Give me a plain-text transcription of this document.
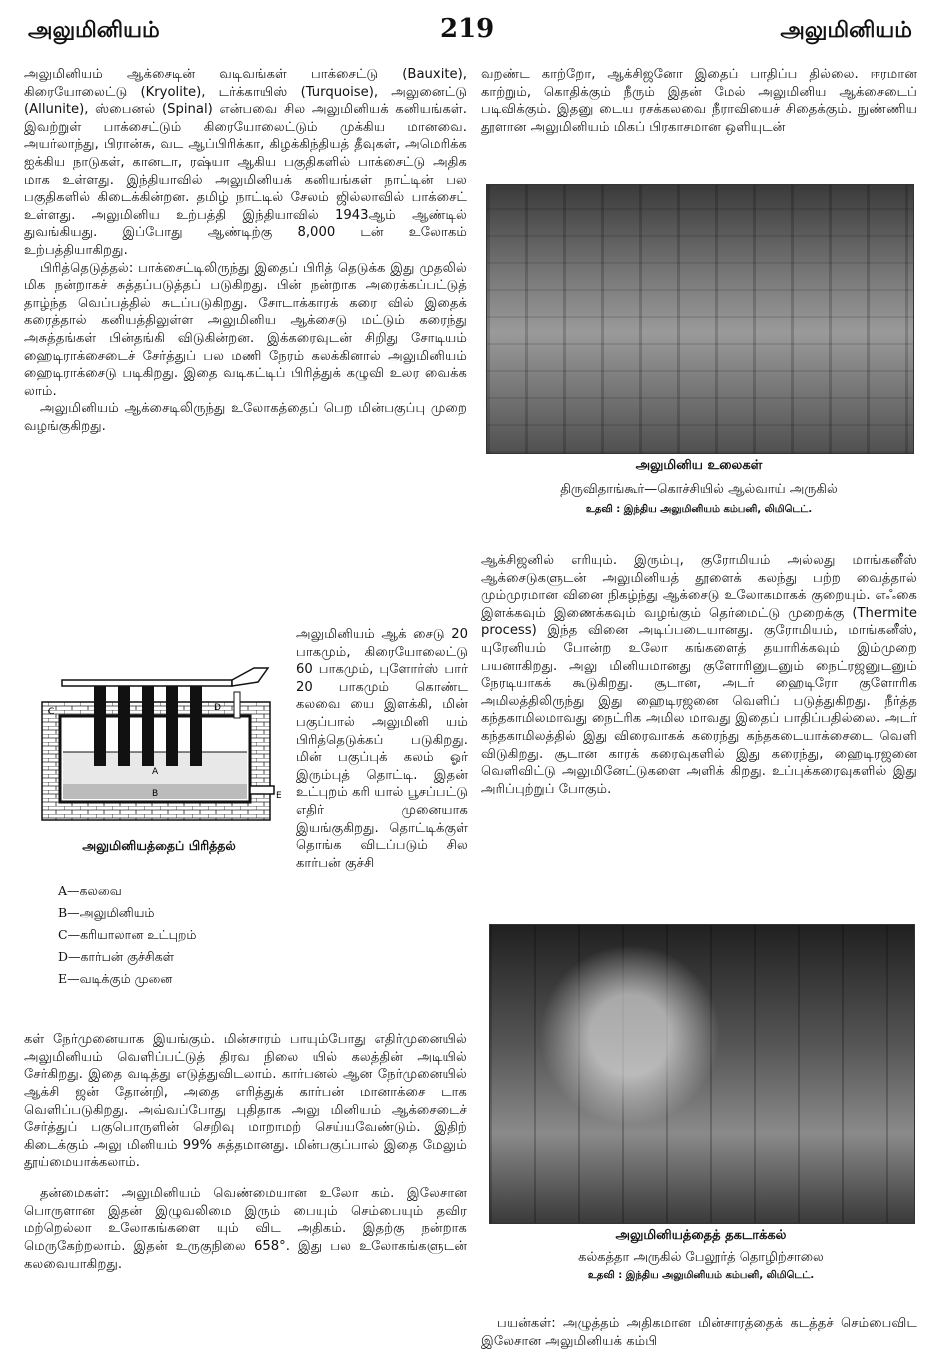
அலுமினியம்	219	அலுமினியம்

அலுமினியம் ஆக்சைடின் வடிவங்கள் பாக்சைட்டு (Bauxite), கிரையோலைட்டு (Kryolite), டர்க்காயிஸ் (Turquoise), அலுனைட்டு (Allunite), ஸ்பைனல் (Spinal) என்பவை சில அலுமினியக் கனியங்கள். இவற்றுள் பாக்சைட்டும் கிரையோலைட்டும் முக்கிய மானவை. அயர்லாந்து, பிரான்சு, வட ஆப்பிரிக்கா, கிழக்கிந்தியத் தீவுகள், அமெரிக்க ஐக்கிய நாடுகள், கானடா, ரஷ்யா ஆகிய பகுதிகளில் பாக்சைட்டு அதிக மாக உள்ளது. இந்தியாவில் அலுமினியக் கனியங்கள் நாட்டின் பல பகுதிகளில் கிடைக்கின்றன. தமிழ் நாட்டில் சேலம் ஜில்லாவில் பாக்சைட் உள்ளது. அலுமினிய உற்பத்தி இந்தியாவில் 1943ஆம் ஆண்டில் துவங்கியது. இப்போது ஆண்டிற்கு 8,000 டன் உலோகம் உற்பத்தியாகிறது.

பிரித்தெடுத்தல்: பாக்சைட்டிலிருந்து இதைப் பிரித் தெடுக்க இது முதலில் மிக நன்றாகச் சுத்தப்படுத்தப் படுகிறது. பின் நன்றாக அரைக்கப்பட்டுத் தாழ்ந்த வெப்பத்தில் சுடப்படுகிறது. சோடாக்காரக் கரை வில் இதைக் கரைத்தால் கனியத்திலுள்ள அலுமினிய ஆக்சைடு மட்டும் கரைந்து அசுத்தங்கள் பின்தங்கி விடுகின்றன. இக்கரைவுடன் சிறிது சோடியம் ஹைடிராக்சைடைச் சேர்த்துப் பல மணி நேரம் கலக்கினால் அலுமினியம் ஹைடிராக்சைடு படிகிறது. இதை வடிகட்டிப் பிரித்துக் கழுவி உலர வைக்க லாம்.

அலுமினியம் ஆக்சைடிலிருந்து உலோகத்தைப் பெற மின்பகுப்பு முறை வழங்குகிறது.

C	D
A
B	E
அலுமினியத்தைப் பிரித்தல்
A—கலவை
B—அலுமினியம்
C—கரியாலான உட்புறம்
D—கார்பன் குச்சிகள்
E—வடிக்கும் முனை
அலுமினியம் ஆக் சைடு 20 பாகமும், கிரையோலைட்டு 60 பாகமும், புளோர்ஸ் பார் 20 பாகமும் கொண்ட கலவை யை இளக்கி, மின் பகுப்பால் அலுமினி யம் பிரித்தெடுக்கப் படுகிறது. மின் பகுப்புக் கலம் ஓர் இரும்புத் தொட்டி. இதன் உட்புறம் கரி யால் பூசப்பட்டு எதிர் முனையாக இயங்குகிறது. தொட்டிக்குள் தொங்க விடப்படும் சில கார்பன் குச்சி

கள் நேர்முனையாக இயங்கும். மின்சாரம் பாயும்போது எதிர்முனையில் அலுமினியம் வெளிப்பட்டுத் திரவ நிலை யில் கலத்தின் அடியில் சேர்கிறது. இதை வடித்து எடுத்துவிடலாம். கார்பனல் ஆன நேர்முனையில் ஆக்சி ஜன் தோன்றி, அதை எரித்துக் கார்பன் மானாக்சை டாக வெளிப்படுகிறது. அவ்வப்போது புதிதாக அலு மினியம் ஆக்சைடைச் சேர்த்துப் பகுபொருளின் செறிவு மாறாமற் செய்யவேண்டும். இதிற் கிடைக்கும் அலு மினியம் 99% சுத்தமானது. மின்பகுப்பால் இதை மேலும் தூய்மையாக்கலாம்.

தன்மைகள்: அலுமினியம் வெண்மையான உலோ கம். இலேசான பொருளான இதன் இழுவலிமை இரும் பையும் செம்பையும் தவிர மற்றெல்லா உலோகங்களை யும் விட அதிகம். இதற்கு நன்றாக மெருகேற்றலாம். இதன் உருகுநிலை 658°. இது பல உலோகங்களுடன் கலவையாகிறது.

வறண்ட காற்றோ, ஆக்சிஜனோ இதைப் பாதிப்ப தில்லை. ஈரமான காற்றும், கொதிக்கும் நீரும் இதன் மேல் அலுமினிய ஆக்சைடைப் படிவிக்கும். இதனு டைய ரசக்கலவை நீராவியைச் சிதைக்கும். நுண்ணிய தூளான அலுமினியம் மிகப் பிரகாசமான ஒளியுடன்

அலுமினிய உலைகள்
திருவிதாங்கூர்—கொச்சியில் ஆல்வாய் அருகில்
உதவி : இந்திய அலுமினியம் கம்பனி, லிமிடெட்.

ஆக்சிஜனில் எரியும். இரும்பு, குரோமியம் அல்லது மாங்கனீஸ் ஆக்சைடுகளுடன் அலுமினியத் தூளைக் கலந்து பற்ற வைத்தால் மும்முரமான வினை நிகழ்ந்து ஆக்சைடு உலோகமாகக் குறையும். எஃகை இளக்கவும் இணைக்கவும் வழங்கும் தெர்மைட்டு முறைக்கு (Thermite process) இந்த வினை அடிப்படையானது. குரோமியம், மாங்கனீஸ், யுரேனியம் போன்ற உலோ கங்களைத் தயாரிக்கவும் இம்முறை பயனாகிறது. அலு மினியமானது குளோரினுடனும் நைட்ரஜனுடனும் நேரடியாகக் கூடுகிறது. சூடான, அடர் ஹைடிரோ குளோரிக அமிலத்திலிருந்து இது ஹைடிரஜனை வெளிப் படுத்துகிறது. நீர்த்த கந்தகாமிலமாவது நைட்ரிக அமில மாவது இதைப் பாதிப்பதில்லை. அடர் கந்தகாமிலத்தில் இது விரைவாகக் கரைந்து கந்தகடையாக்சைடை வெளி விடுகிறது. சூடான காரக் கரைவுகளில் இது கரைந்து, ஹைடிரஜனை வெளிவிட்டு அலுமினேட்டுகளை அளிக் கிறது. உப்புக்கரைவுகளில் இது அரிப்புற்றுப் போகும்.

அலுமினியத்தைத் தகடாக்கல்
கல்கத்தா அருகில் பேலூர்த் தொழிற்சாலை
உதவி : இந்திய அலுமினியம் கம்பனி, லிமிடெட்.

பயன்கள்: அழுத்தம் அதிகமான மின்சாரத்தைக் கடத்தச் செம்பைவிட இலேசான அலுமினியக் கம்பி
